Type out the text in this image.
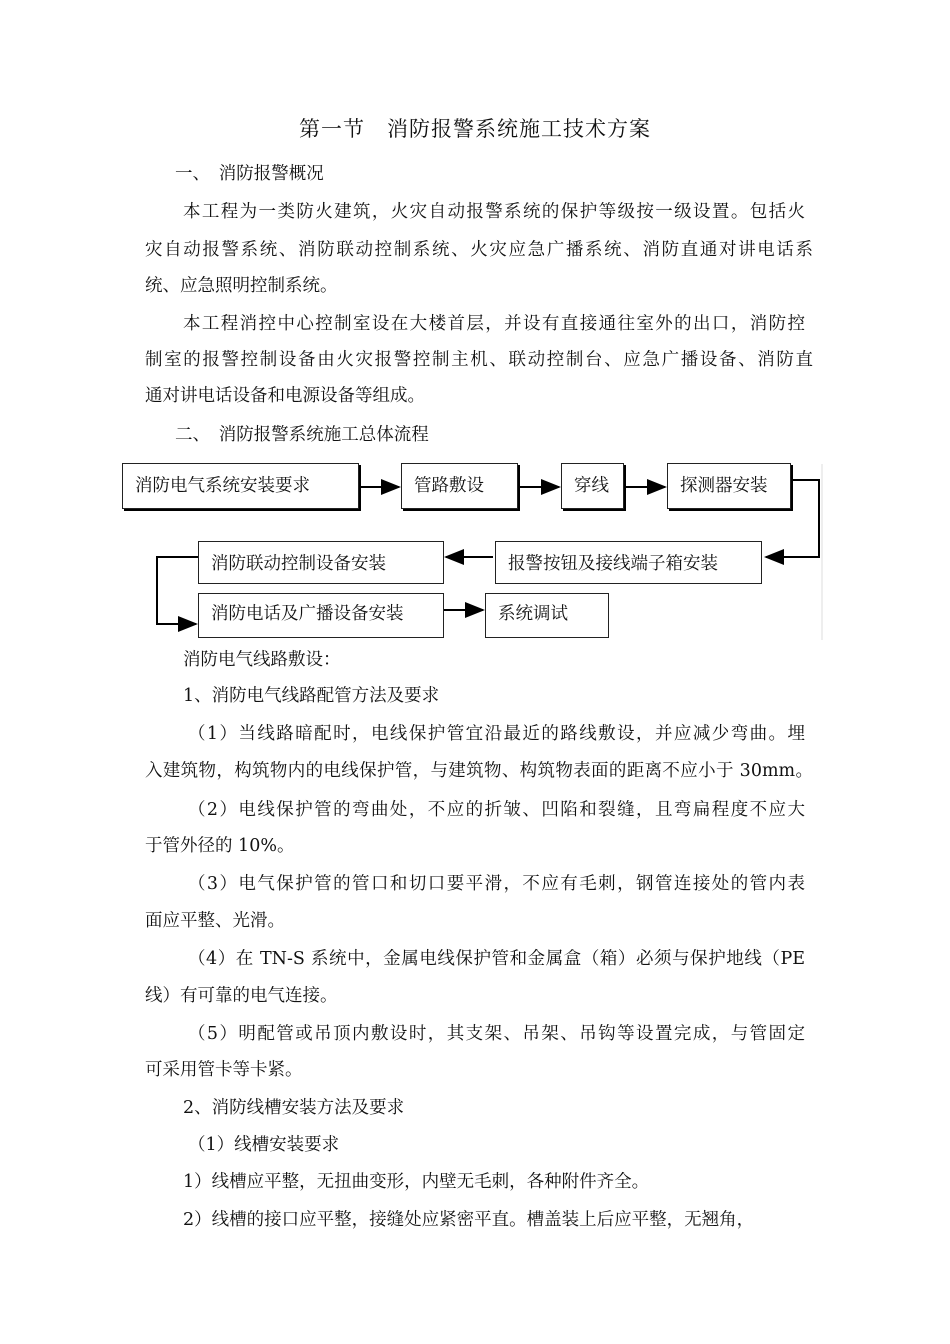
第一节　消防报警系统施工技术方案
一、　消防报警概况
本工程为一类防火建筑，火灾自动报警系统的保护等级按一级设置。包括火
灾自动报警系统、消防联动控制系统、火灾应急广播系统、消防直通对讲电话系
统、应急照明控制系统。
本工程消控中心控制室设在大楼首层，并设有直接通往室外的出口，消防控
制室的报警控制设备由火灾报警控制主机、联动控制台、应急广播设备、消防直
通对讲电话设备和电源设备等组成。
二、　消防报警系统施工总体流程
消防电气系统安装要求	管路敷设	穿线	探测器安装
报警按钮及接线端子箱安装
消防联动控制设备安装
消防电话及广播设备安装	系统调试
消防电气线路敷设：
1、消防电气线路配管方法及要求
（1）当线路暗配时，电线保护管宜沿最近的路线敷设，并应减少弯曲。埋
入建筑物，构筑物内的电线保护管，与建筑物、构筑物表面的距离不应小于 30mm。
（2）电线保护管的弯曲处，不应的折皱、凹陷和裂缝，且弯扁程度不应大
于管外径的 10%。
（3）电气保护管的管口和切口要平滑，不应有毛刺，钢管连接处的管内表
面应平整、光滑。
（4）在 TN-S 系统中，金属电线保护管和金属盒（箱）必须与保护地线（PE
线）有可靠的电气连接。
（5）明配管或吊顶内敷设时，其支架、吊架、吊钩等设置完成，与管固定
可采用管卡等卡紧。
2、消防线槽安装方法及要求
（1）线槽安装要求
1）线槽应平整，无扭曲变形，内壁无毛刺，各种附件齐全。
2）线槽的接口应平整，接缝处应紧密平直。槽盖装上后应平整，无翘角，
